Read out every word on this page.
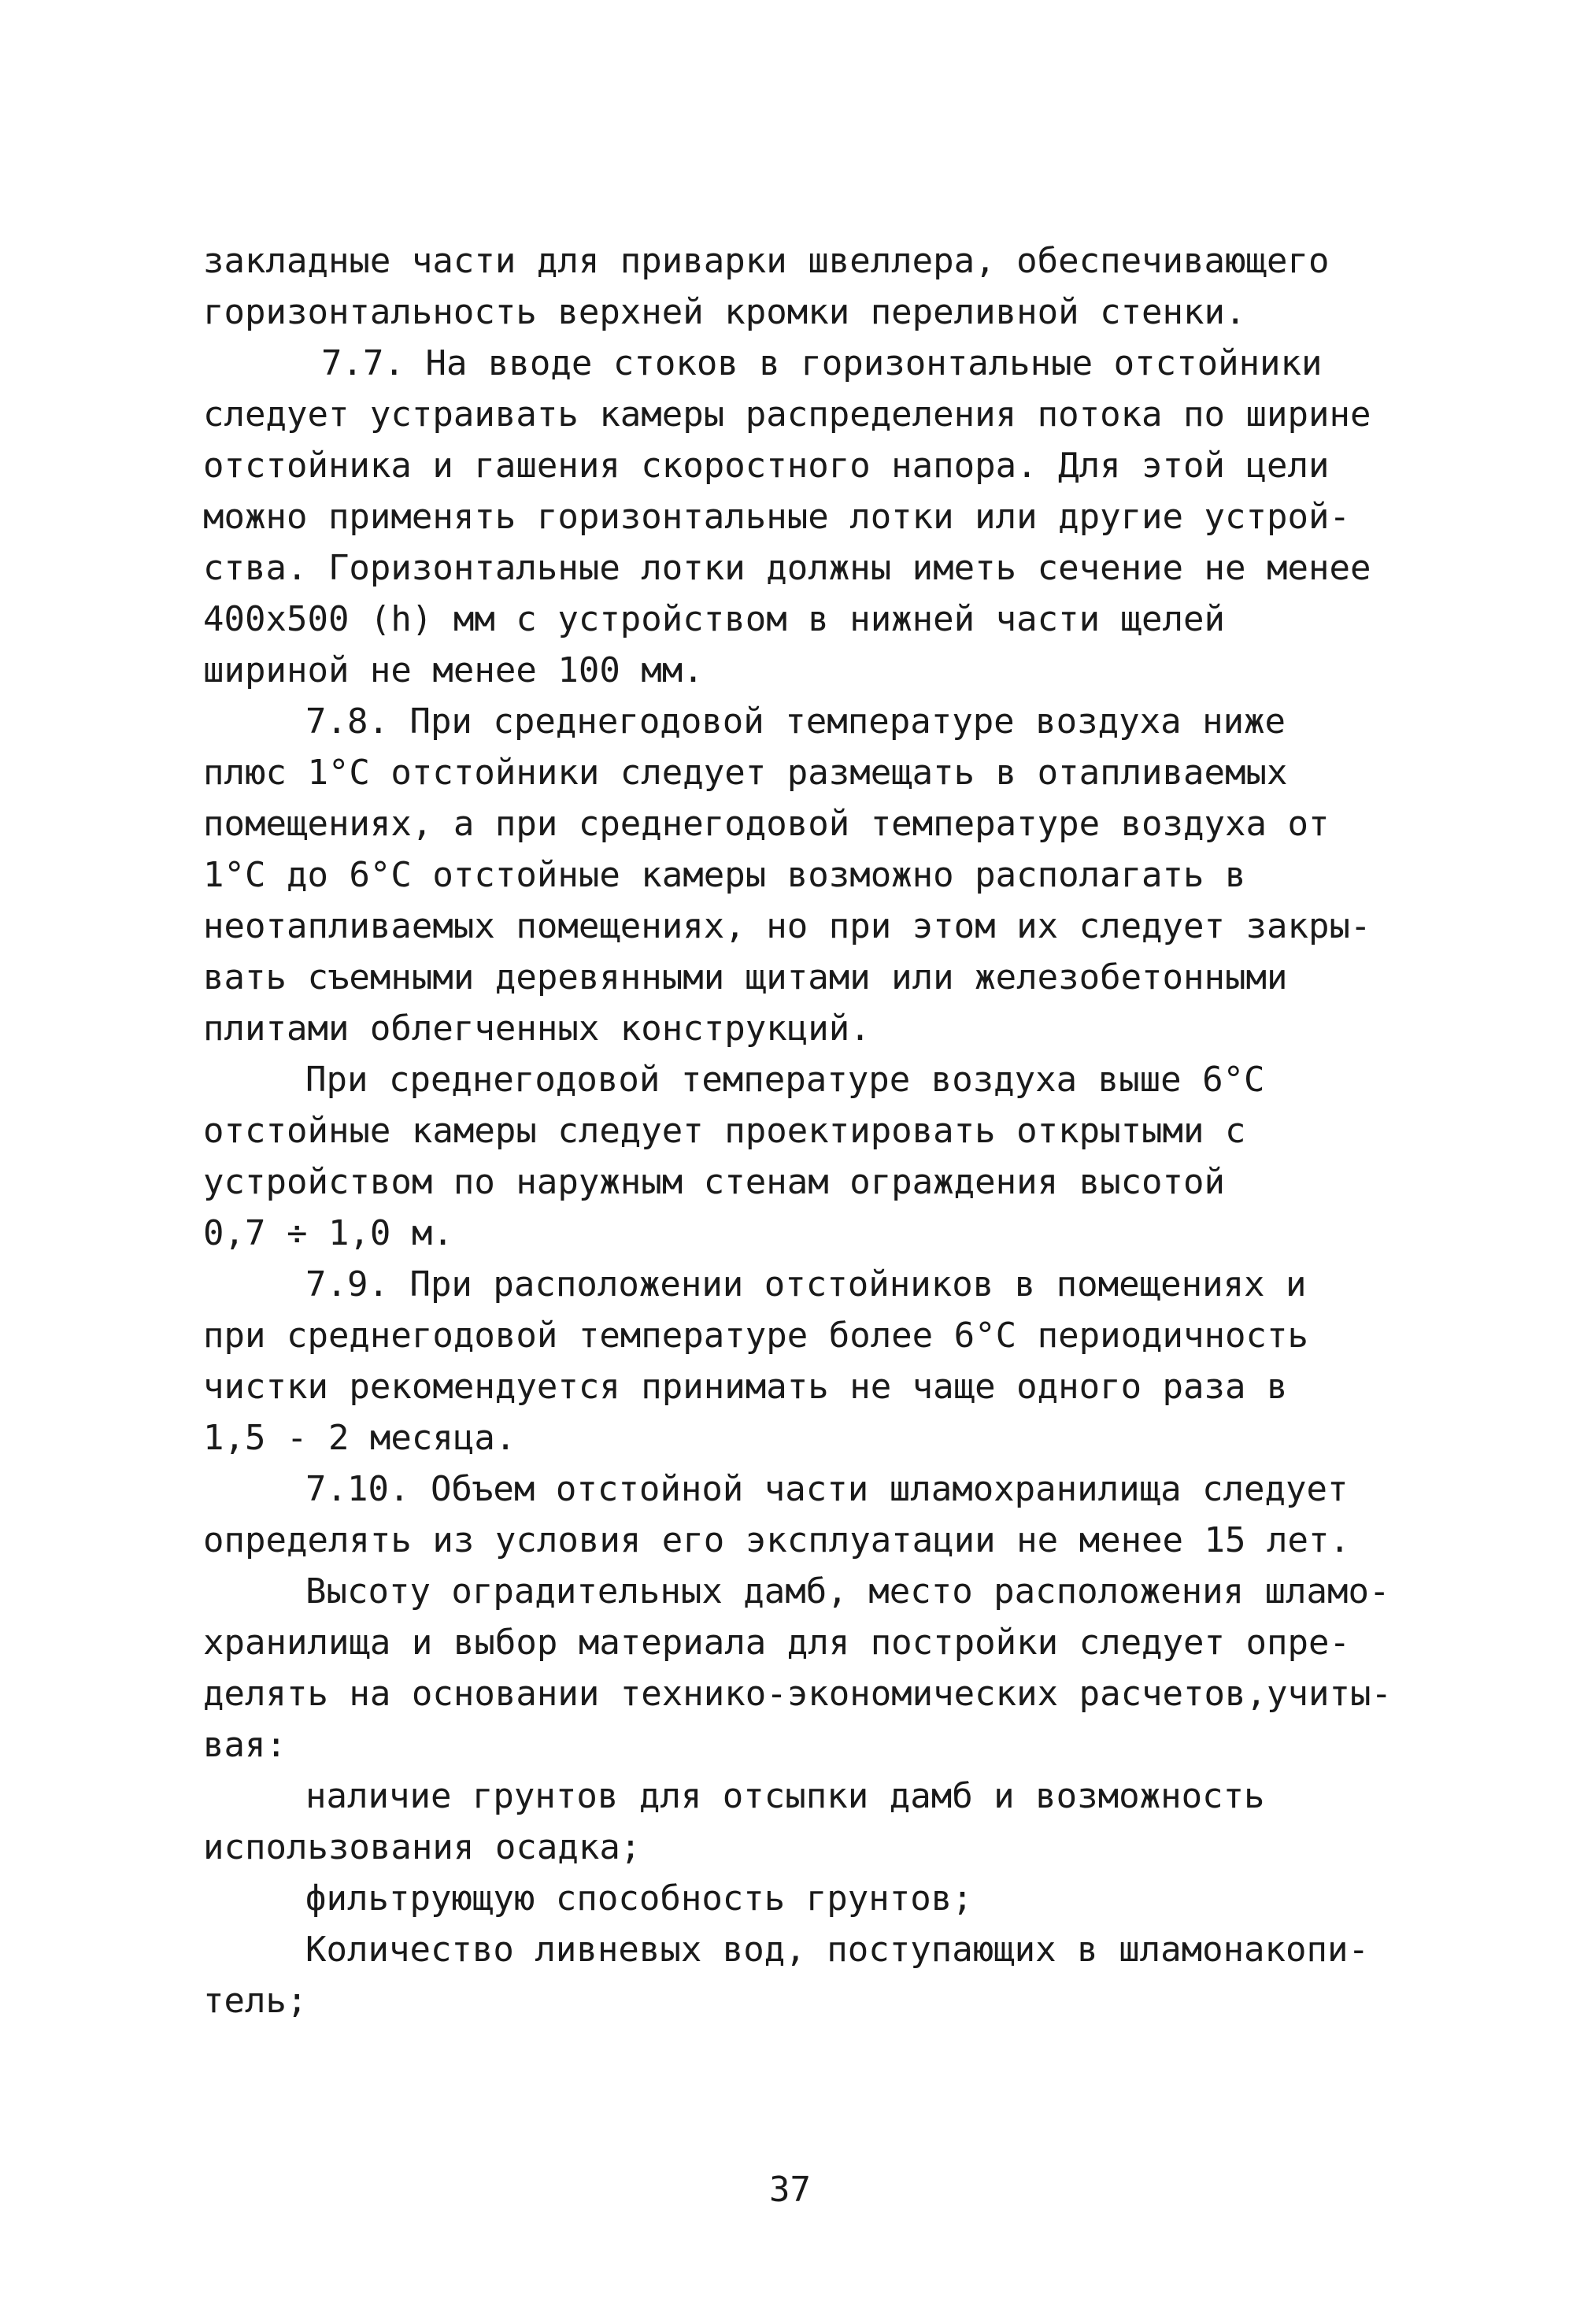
закладные части для приварки швеллера, обеспечивающего
горизонтальность верхней кромки переливной стенки.
7.7. На вводе стоков в горизонтальные отстойники
следует устраивать камеры распределения потока по ширине
отстойника и гашения скоростного напора. Для этой цели
можно применять горизонтальные лотки или другие устрой-
ства. Горизонтальные лотки должны иметь сечение не менее
400х500 (h) мм с устройством в нижней части щелей
шириной не менее 100 мм.
7.8. При среднегодовой температуре воздуха ниже
плюс 1°С отстойники следует размещать в отапливаемых
помещениях, а при среднегодовой температуре воздуха от
1°С до 6°С отстойные камеры возможно располагать в
неотапливаемых помещениях, но при этом их следует закры-
вать съемными деревянными щитами или железобетонными
плитами облегченных конструкций.
При среднегодовой температуре воздуха выше 6°С
отстойные камеры следует проектировать открытыми с
устройством по наружным стенам ограждения высотой
0,7 ÷ 1,0 м.
7.9. При расположении отстойников в помещениях и
при среднегодовой температуре более 6°С периодичность
чистки рекомендуется принимать не чаще одного раза в
1,5 - 2 месяца.
7.10. Объем отстойной части шламохранилища следует
определять из условия его эксплуатации не менее 15 лет.
Высоту оградительных дамб, место расположения шламо-
хранилища и выбор материала для постройки следует опре-
делять на основании технико-экономических расчетов,учиты-
вая:
наличие грунтов для отсыпки дамб и возможность
использования осадка;
фильтрующую способность грунтов;
Количество ливневых вод, поступающих в шламонакопи-
тель;
37
